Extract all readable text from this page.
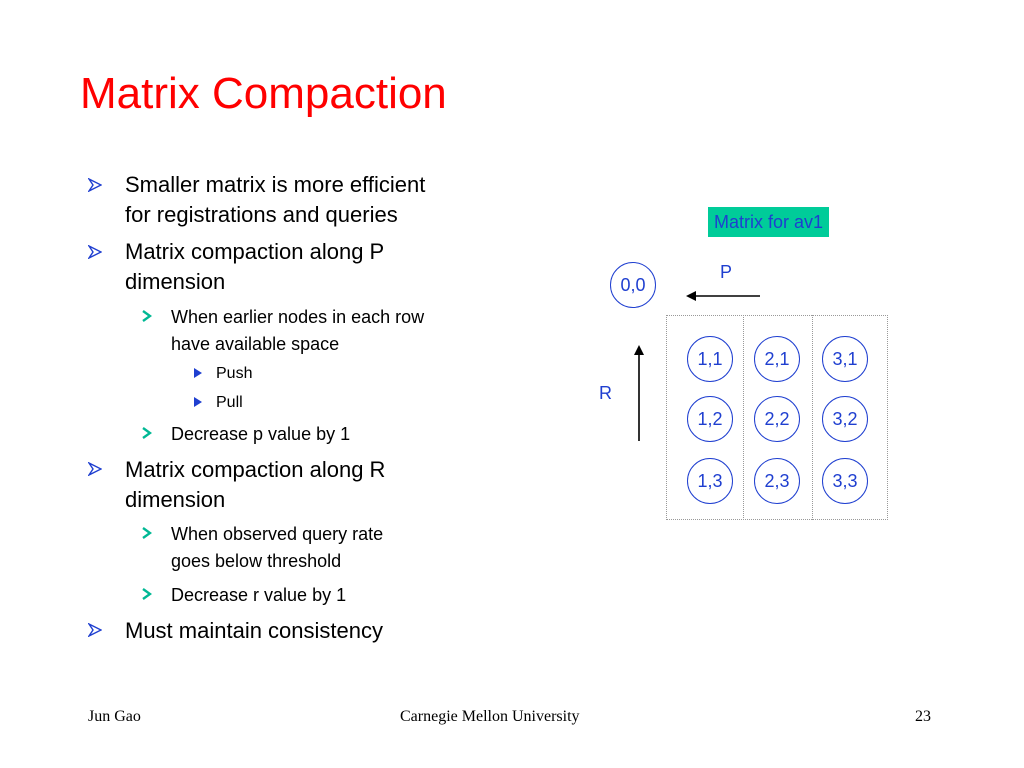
Matrix Compaction
Smaller matrix is more efficient
for registrations and queries
Matrix compaction along P
dimension
When earlier nodes in each row
have available space
Push
Pull
Decrease p value by 1
Matrix compaction along R
dimension
When observed query rate
goes below threshold
Decrease r value by 1
Must maintain consistency
Matrix for av1
0,0
P
R
1,1	2,1	3,1
1,2	2,2	3,2
1,3	2,3	3,3
Jun Gao	Carnegie Mellon University	23
